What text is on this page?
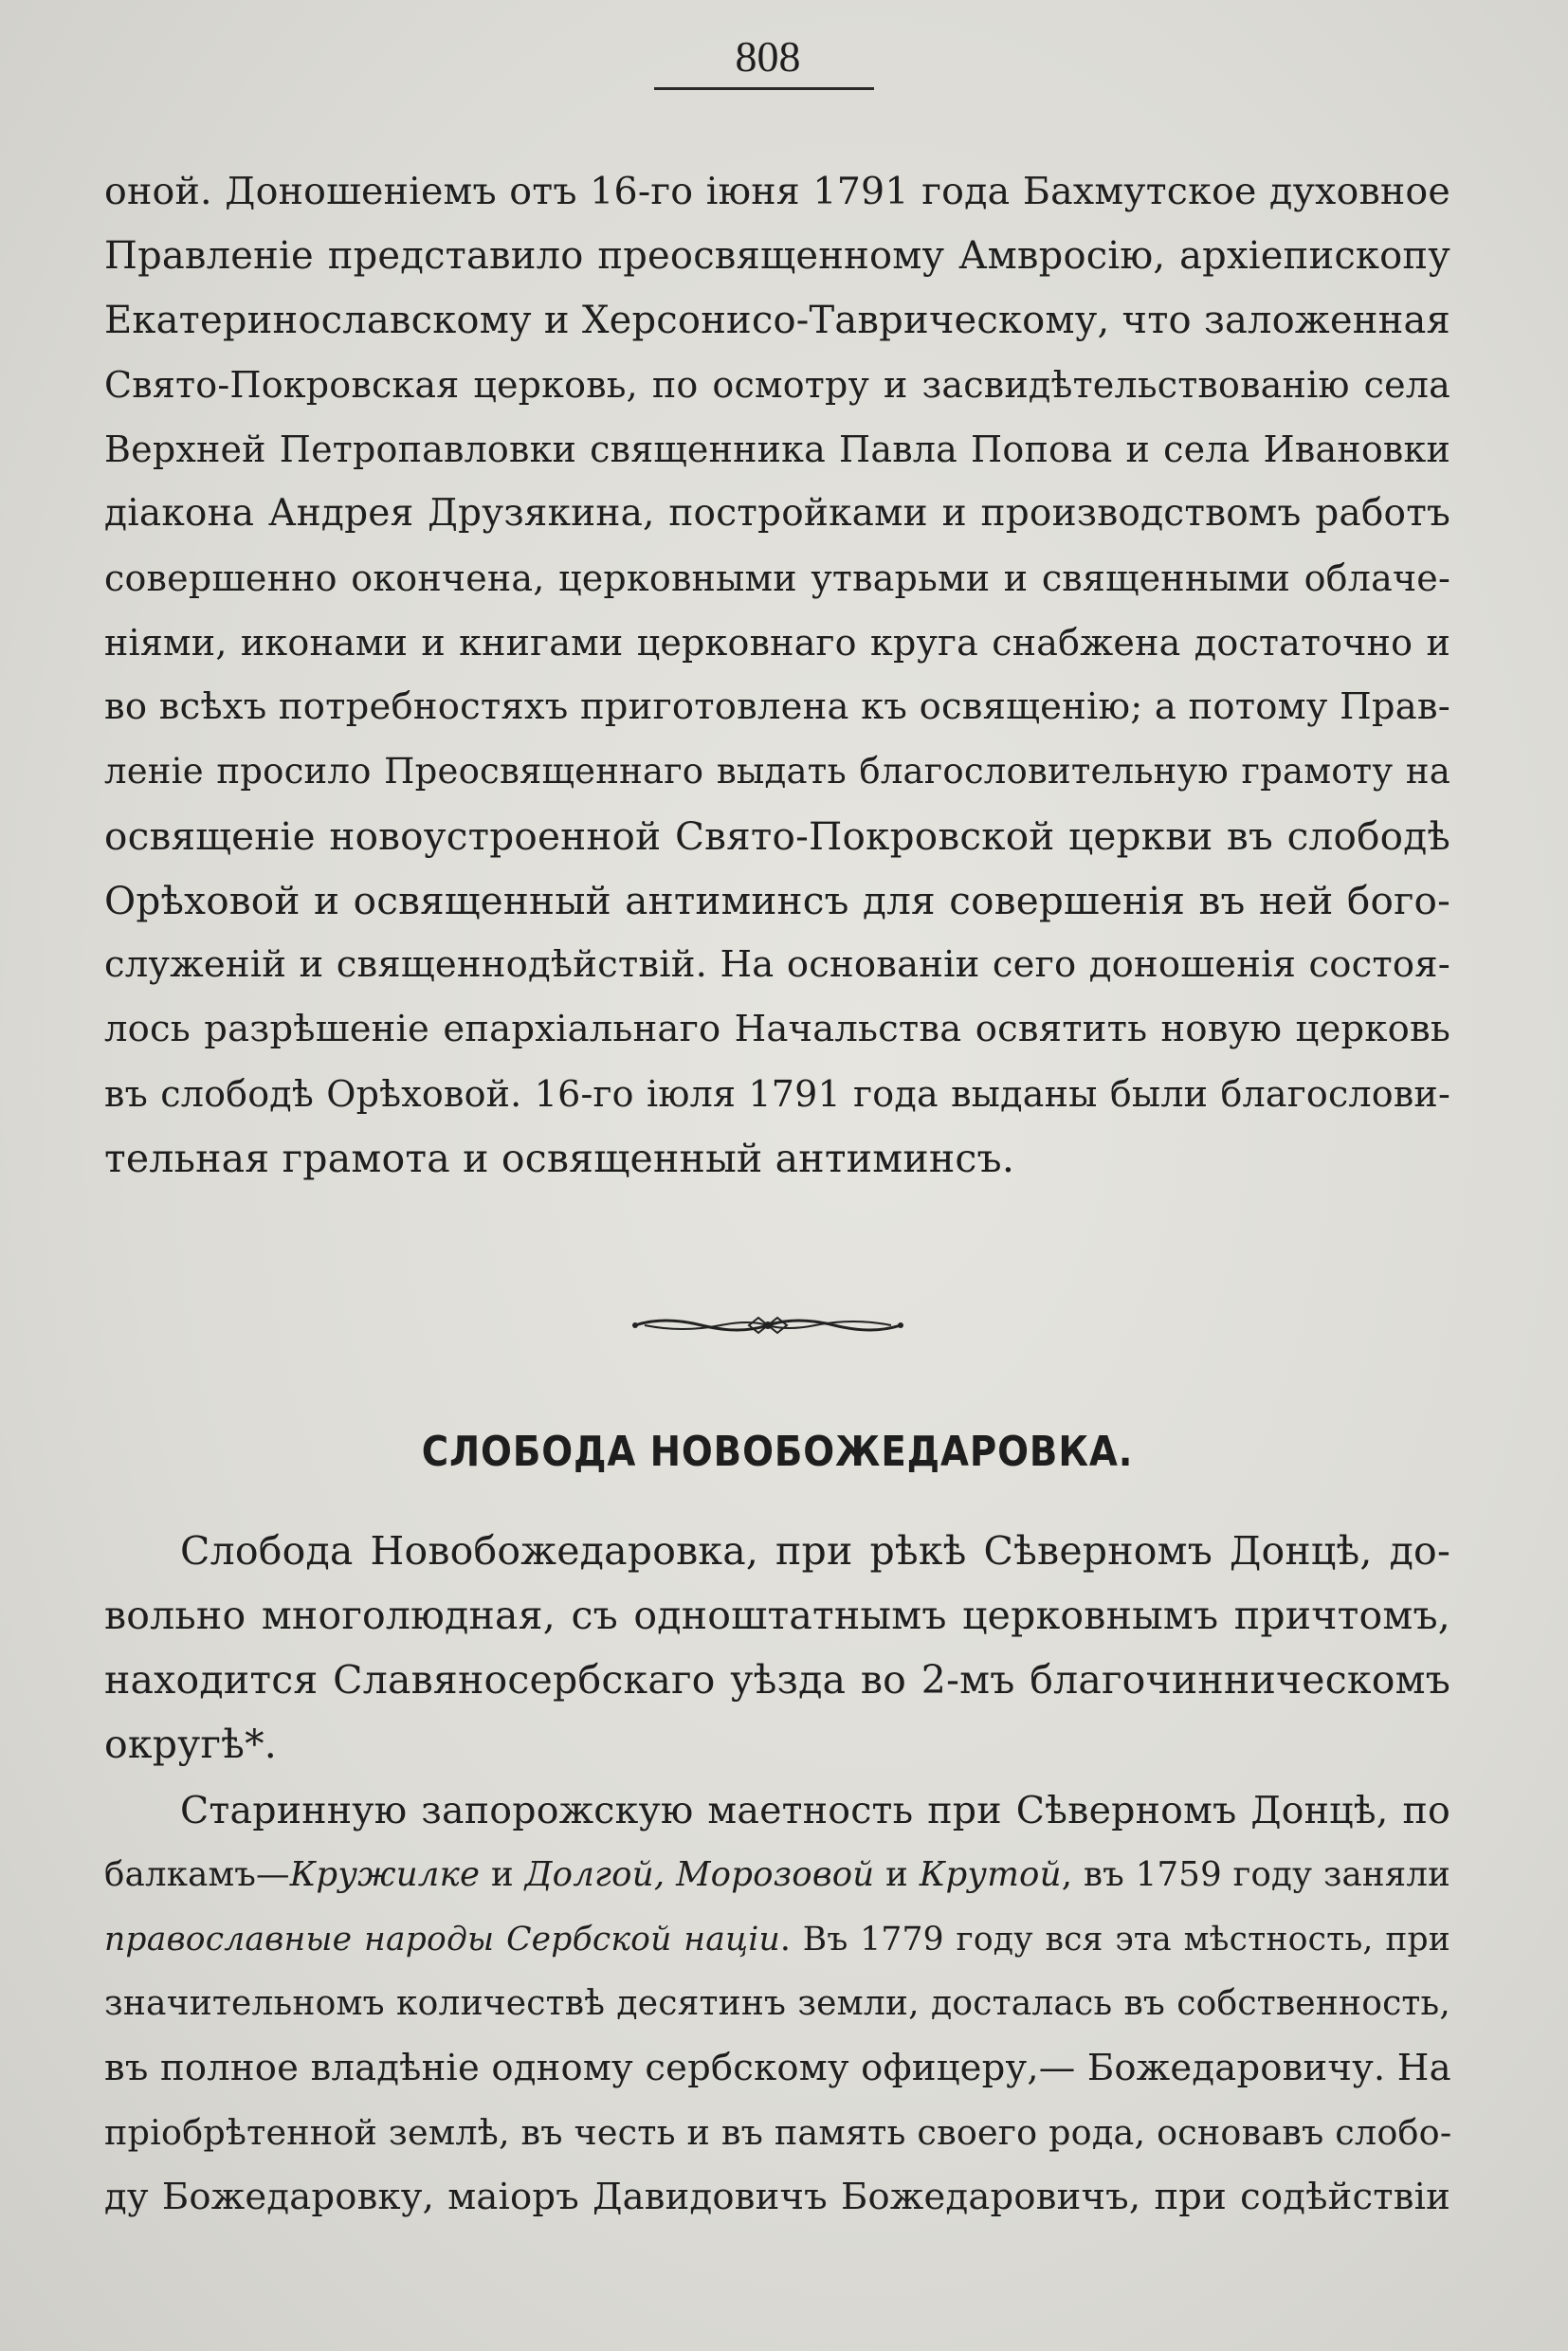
808
оной. Доношеніемъ отъ 16-го іюня 1791 года Бахмутское духовное
Правленіе представило преосвященному Амвросію, архіепископу
Екатеринославскому и Херсонисо-Таврическому, что заложенная
Свято-Покровская церковь, по осмотру и засвидѣтельствованію села
Верхней Петропавловки священника Павла Попова и села Ивановки
діакона Андрея Друзякина, постройками и производствомъ работъ
совершенно окончена, церковными утварьми и священными облаче-
ніями, иконами и книгами церковнаго круга снабжена достаточно и
во всѣхъ потребностяхъ приготовлена къ освященію; а потому Прав-
леніе просило Преосвященнаго выдать благословительную грамоту на
освященіе новоустроенной Свято-Покровской церкви въ слободѣ
Орѣховой и освященный антиминсъ для совершенія въ ней бого-
служеній и священнодѣйствій. На основаніи сего доношенія состоя-
лось разрѣшеніе епархіальнаго Начальства освятить новую церковь
въ слободѣ Орѣховой. 16-го іюля 1791 года выданы были благослови-
тельная грамота и освященный антиминсъ.
СЛОБОДА НОВОБОЖЕДАРОВКА.
Слобода Новобожедаровка, при рѣкѣ Сѣверномъ Донцѣ, до-
вольно многолюдная, съ одноштатнымъ церковнымъ причтомъ,
находится Славяносербскаго уѣзда во 2-мъ благочинническомъ
округѣ*.
Старинную запорожскую маетность при Сѣверномъ Донцѣ, по
балкамъ—Кружилке и Долгой, Морозовой и Крутой, въ 1759 году заняли
православные народы Сербской націи. Въ 1779 году вся эта мѣстность, при
значительномъ количествѣ десятинъ земли, досталась въ собственность,
въ полное владѣніе одному сербскому офицеру,— Божедаровичу. На
пріобрѣтенной землѣ, въ честь и въ память своего рода, основавъ слобо-
ду Божедаровку, маіоръ Давидовичъ Божедаровичъ, при содѣйствіи
